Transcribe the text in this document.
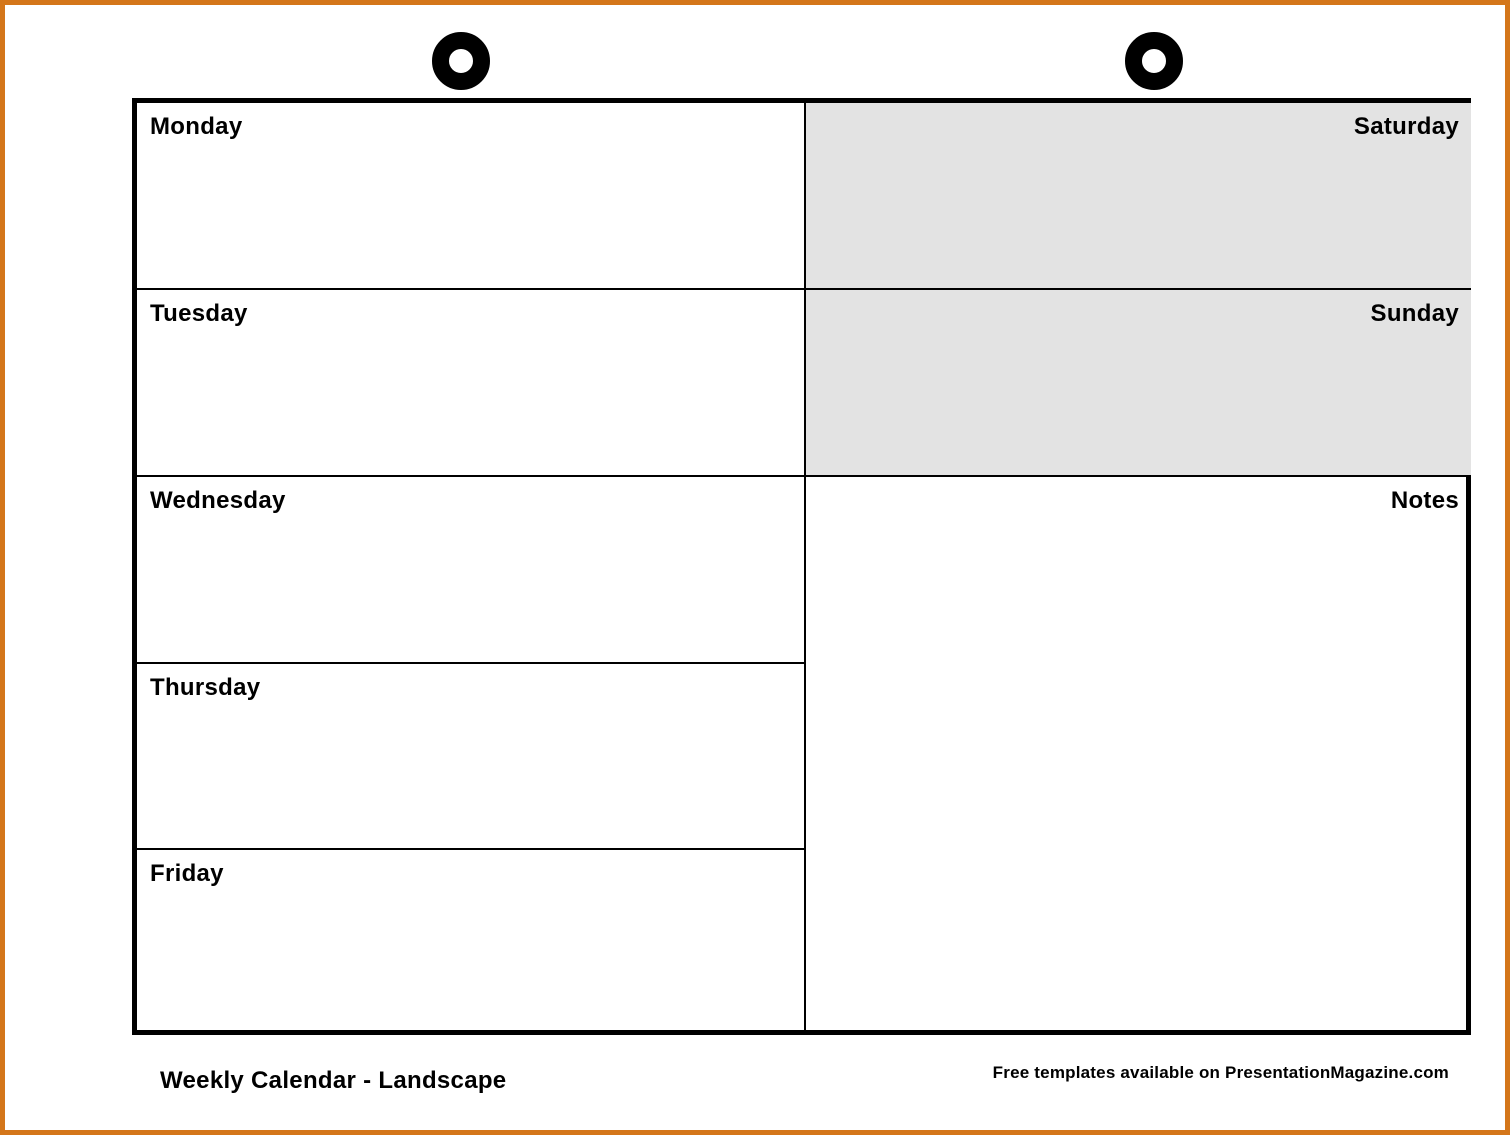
Monday
Tuesday
Wednesday
Thursday
Friday
Saturday
Sunday
Notes
Weekly Calendar - Landscape	Free templates available on PresentationMagazine.com
